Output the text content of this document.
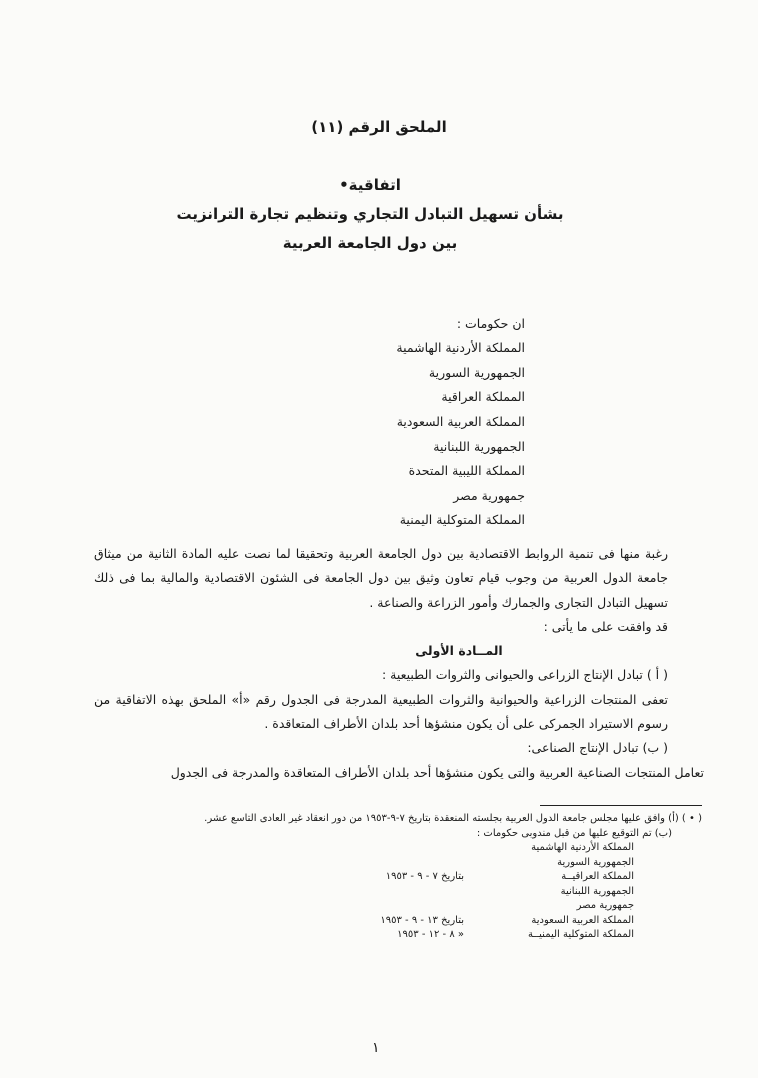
الملحق الرقم (١١)
اتفاقية•
بشأن تسهيل التبادل التجاري وتنظيم تجارة الترانزيت
بين دول الجامعة العربية
ان حكومات :
المملكة الأردنية الهاشمية
الجمهورية السورية
المملكة العراقية
المملكة العربية السعودية
الجمهورية اللبنانية
المملكة الليبية المتحدة
جمهورية مصر
المملكة المتوكلية اليمنية

رغبة منها فى تنمية الروابط الاقتصادية بين دول الجامعة العربية وتحقيقا لما نصت عليه المادة الثانية من ميثاق جامعة الدول العربية من وجوب قيام تعاون وثيق بين دول الجامعة فى الشئون الاقتصادية والمالية بما فى ذلك تسهيل التبادل التجارى والجمارك وأمور الزراعة والصناعة .

قد وافقت على ما يأتى :

المــادة الأولى

( أ ) تبادل الإنتاج الزراعى والحيوانى والثروات الطبيعية :

تعفى المنتجات الزراعية والحيوانية والثروات الطبيعية المدرجة فى الجدول رقم «أ» الملحق بهذه الاتفاقية من رسوم الاستيراد الجمركى على أن يكون منشؤها أحد بلدان الأطراف المتعاقدة .

( ب) تبادل الإنتاج الصناعى:

تعامل المنتجات الصناعية العربية والتى يكون منشؤها أحد بلدان الأطراف المتعاقدة والمدرجة فى الجدول

( • ) (أ) وافق عليها مجلس جامعة الدول العربية بجلسته المنعقدة بتاريخ ٧-٩-١٩٥٣ من دور انعقاد غير العادى التاسع عشر.

(ب) تم التوقيع عليها من قبل مندوبى حكومات :

المملكة الأردنية الهاشمية
الجمهورية السورية
المملكة العراقيــة
بتاريخ ٧ - ٩ - ١٩٥٣
الجمهورية اللبنانية
جمهورية مصر
المملكة العربية السعودية
بتاريخ ١٣ - ٩ - ١٩٥٣
المملكة المتوكلية اليمنيــة
« ٨ - ١٢ - ١٩٥٣
١
